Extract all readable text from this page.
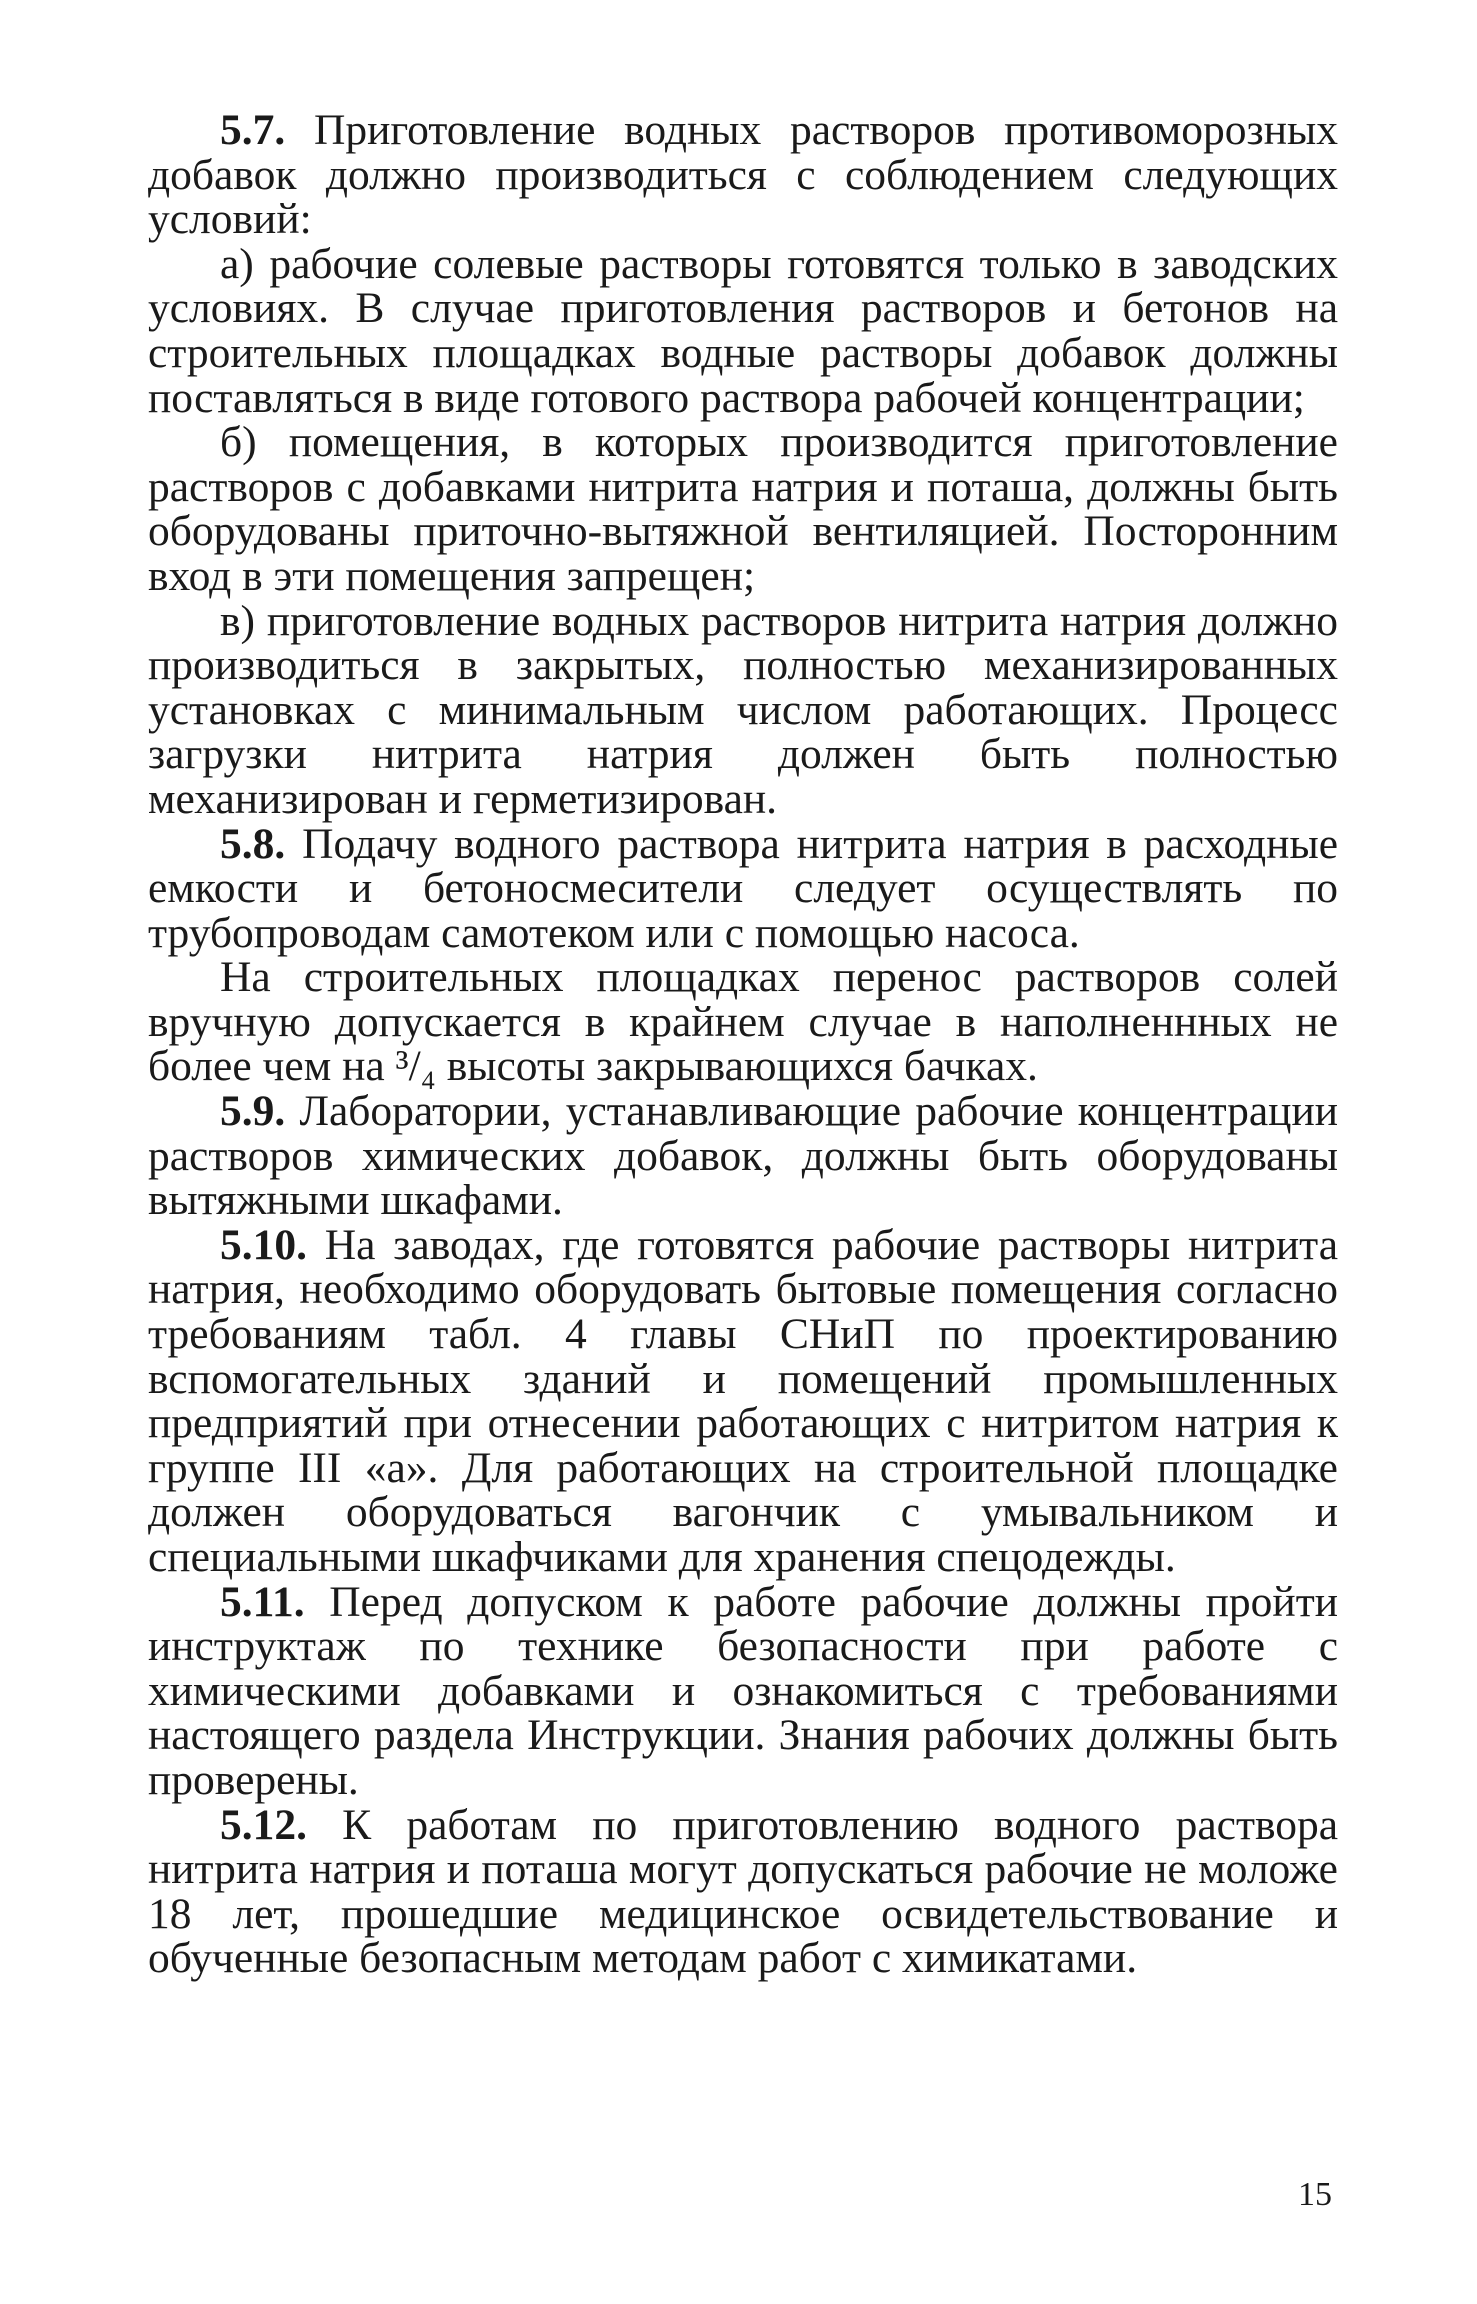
5.7. Приготовление водных растворов противоморозных добавок должно производиться с соблюдением следующих условий:

а) рабочие солевые растворы готовятся только в заводских условиях. В случае приготовления растворов и бетонов на строительных площадках водные растворы добавок должны поставляться в виде готового раствора рабочей концентрации;

б) помещения, в которых производится приготовление растворов с добавками нитрита натрия и поташа, должны быть оборудованы приточно-вытяжной вентиляцией. Посторонним вход в эти помещения запрещен;

в) приготовление водных растворов нитрита натрия должно производиться в закрытых, полностью механизированных установках с минимальным числом работающих. Процесс загрузки нитрита натрия должен быть полностью механизирован и герметизирован.

5.8. Подачу водного раствора нитрита натрия в расходные емкости и бетоносмесители следует осуществлять по трубопроводам самотеком или с помощью насоса.

На строительных площадках перенос растворов солей вручную допускается в крайнем случае в наполненнных не более чем на ³/₄ высоты закрывающихся бачках.

5.9. Лаборатории, устанавливающие рабочие концентрации растворов химических добавок, должны быть оборудованы вытяжными шкафами.

5.10. На заводах, где готовятся рабочие растворы нитрита натрия, необходимо оборудовать бытовые помещения согласно требованиям табл. 4 главы СНиП по проектированию вспомогательных зданий и помещений промышленных предприятий при отнесении работающих с нитритом натрия к группе III «а». Для работающих на строительной площадке должен оборудоваться вагончик с умывальником и специальными шкафчиками для хранения спецодежды.

5.11. Перед допуском к работе рабочие должны пройти инструктаж по технике безопасности при работе с химическими добавками и ознакомиться с требованиями настоящего раздела Инструкции. Знания рабочих должны быть проверены.

5.12. К работам по приготовлению водного раствора нитрита натрия и поташа могут допускаться рабочие не моложе 18 лет, прошедшие медицинское освидетельствование и обученные безопасным методам работ с химикатами.

15
